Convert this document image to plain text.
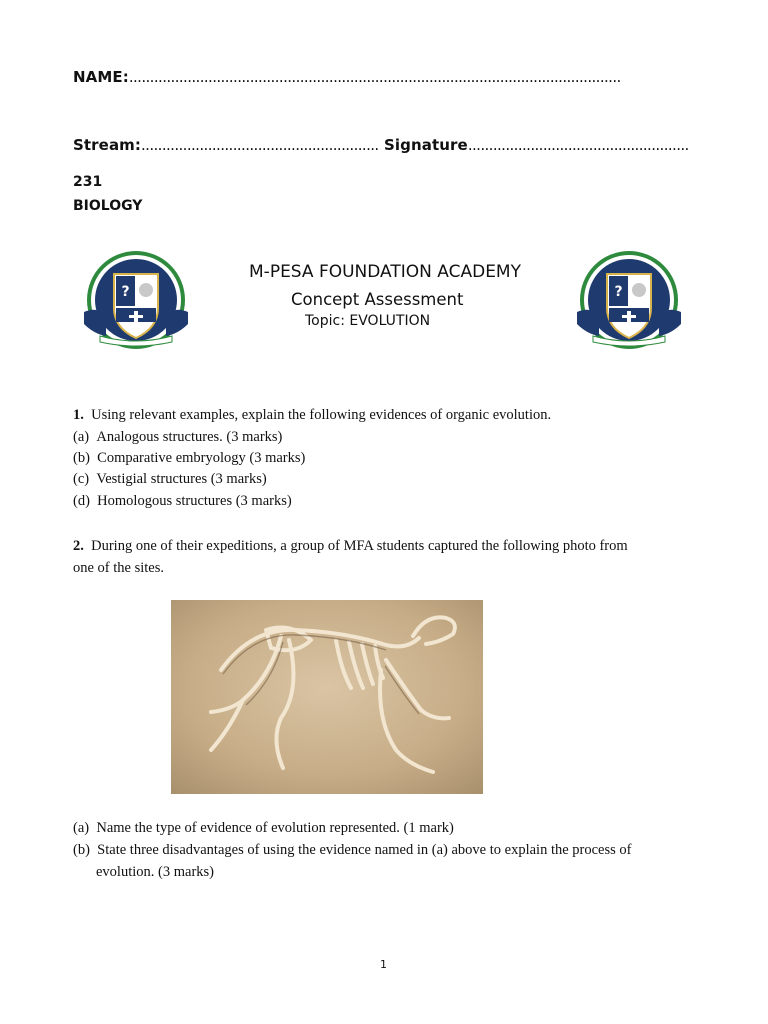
NAME:......................................................................................................................
Stream:......................................................... Signature.....................................................
231
BIOLOGY
?	?
M-PESA FOUNDATION ACADEMY
Concept Assessment
Topic: EVOLUTION
1. Using relevant examples, explain the following evidences of organic evolution.
(a) Analogous structures. (3 marks)
(b) Comparative embryology (3 marks)
(c) Vestigial structures (3 marks)
(d) Homologous structures (3 marks)
2. During one of their expeditions, a group of MFA students captured the following photo from
one of the sites.
(a) Name the type of evidence of evolution represented. (1 mark)
(b) State three disadvantages of using the evidence named in (a) above to explain the process of
evolution. (3 marks)
1
